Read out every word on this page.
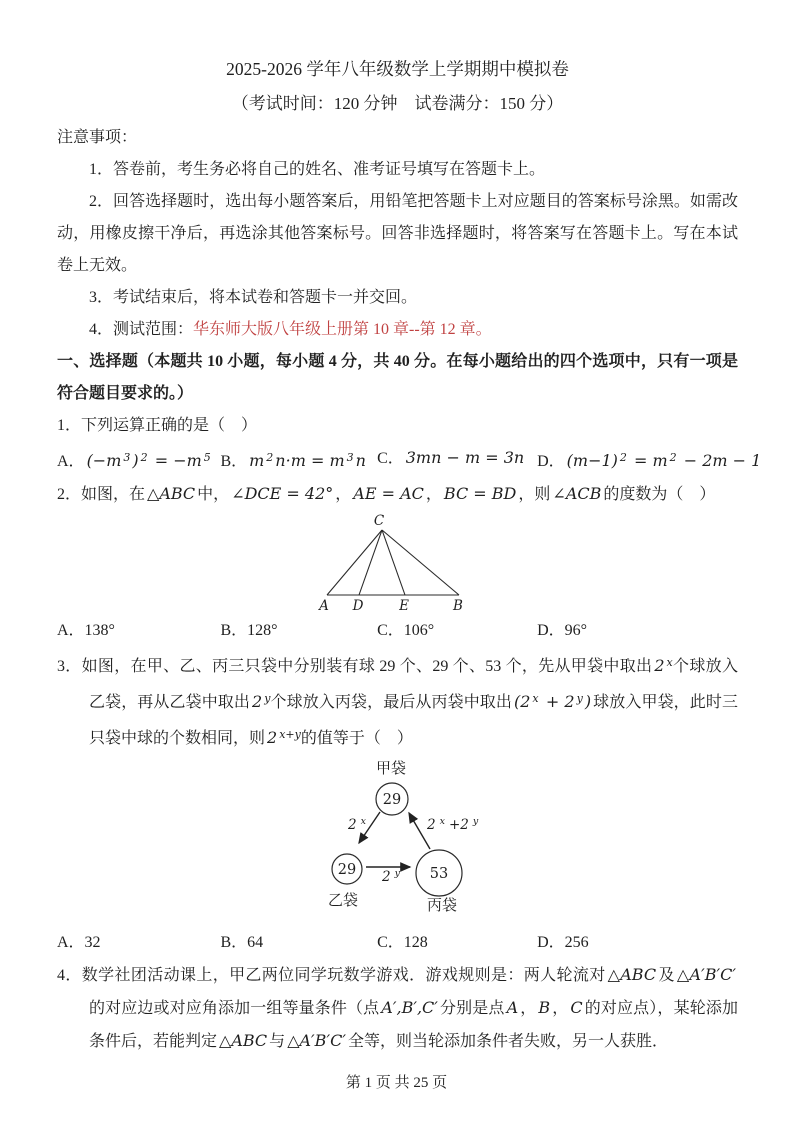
2025-2026 学年八年级数学上学期期中模拟卷
（考试时间：120 分钟　试卷满分：150 分）
注意事项：
1．答卷前，考生务必将自己的姓名、准考证号填写在答题卡上。
2．回答选择题时，选出每小题答案后，用铅笔把答题卡上对应题目的答案标号涂黑。如需改动，用橡皮擦干净后，再选涂其他答案标号。回答非选择题时，将答案写在答题卡上。写在本试卷上无效。
3．考试结束后，将本试卷和答题卡一并交回。
4．测试范围：华东师大版八年级上册第 10 章--第 12 章。
一、选择题（本题共 10 小题，每小题 4 分，共 40 分。在每小题给出的四个选项中，只有一项是符合题目要求的。）
1．下列运算正确的是（　）
A． (−m $^3$ ) $^2$ = −m $^5$ B． m $^2$ n·m = m $^3$ n C． 3mn − m = 3n D． (m−1) $^2$ = m $^2$ − 2m − 1
2．如图，在 △ABC 中， ∠DCE = 42° ， AE = AC ， BC = BD ，则 ∠ACB 的度数为（　）
C
A D	E	B
A．138°	B．128°	C．106°	D．96°
3．如图，在甲、乙、丙三只袋中分别装有球 29 个、29 个、53 个，先从甲袋中取出 2 $^x$个球放入乙袋，再从乙袋中取出 2 $^y$个球放入丙袋，最后从丙袋中取出 (2 $^x$ + 2 $^y$ ) 球放入甲袋，此时三只袋中球的个数相同，则 2 $^{x+y}$的值等于（　）
甲袋
29
2 $^x$
29
乙袋
2 $^y$ 53
丙袋
2 $^x$ $_{+2}$ $^y$
A．32	B．64	C．128	D．256
4．数学社团活动课上，甲乙两位同学玩数学游戏．游戏规则是：两人轮流对 △ABC 及 △A′B′C′的对应边或对应角添加一组等量条件（点 A′,B′,C′ 分别是点 A ， B ， C 的对应点），某轮添加条件后，若能判定 △ABC 与 △A′B′C′ 全等，则当轮添加条件者失败，另一人获胜．
第 1 页 共 25 页
